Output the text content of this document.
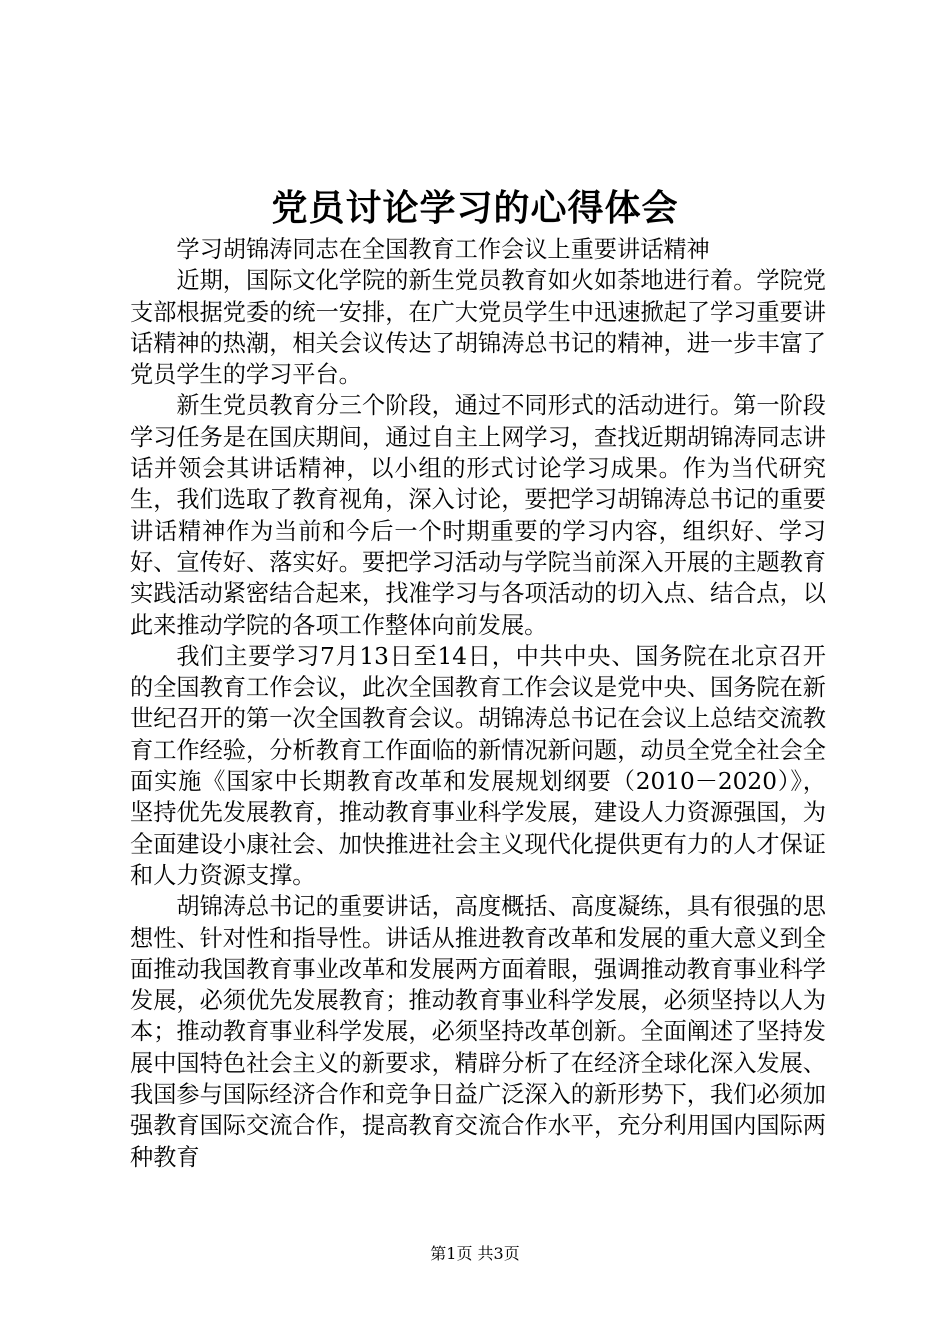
党员讨论学习的心得体会

学习胡锦涛同志在全国教育工作会议上重要讲话精神

近期，国际文化学院的新生党员教育如火如荼地进行着。学院党支部根据党委的统一安排，在广大党员学生中迅速掀起了学习重要讲话精神的热潮，相关会议传达了胡锦涛总书记的精神，进一步丰富了党员学生的学习平台。

新生党员教育分三个阶段，通过不同形式的活动进行。第一阶段学习任务是在国庆期间，通过自主上网学习，查找近期胡锦涛同志讲话并领会其讲话精神，以小组的形式讨论学习成果。作为当代研究生，我们选取了教育视角，深入讨论，要把学习胡锦涛总书记的重要讲话精神作为当前和今后一个时期重要的学习内容，组织好、学习好、宣传好、落实好。要把学习活动与学院当前深入开展的主题教育实践活动紧密结合起来，找准学习与各项活动的切入点、结合点，以此来推动学院的各项工作整体向前发展。

我们主要学习7月13日至14日，中共中央、国务院在北京召开的全国教育工作会议，此次全国教育工作会议是党中央、国务院在新世纪召开的第一次全国教育会议。胡锦涛总书记在会议上总结交流教育工作经验，分析教育工作面临的新情况新问题，动员全党全社会全面实施《国家中长期教育改革和发展规划纲要（2010－2020）》，坚持优先发展教育，推动教育事业科学发展，建设人力资源强国，为全面建设小康社会、加快推进社会主义现代化提供更有力的人才保证和人力资源支撑。

胡锦涛总书记的重要讲话，高度概括、高度凝练，具有很强的思想性、针对性和指导性。讲话从推进教育改革和发展的重大意义到全面推动我国教育事业改革和发展两方面着眼，强调推动教育事业科学发展，必须优先发展教育；推动教育事业科学发展，必须坚持以人为本；推动教育事业科学发展，必须坚持改革创新。全面阐述了坚持发展中国特色社会主义的新要求，精辟分析了在经济全球化深入发展、我国参与国际经济合作和竞争日益广泛深入的新形势下，我们必须加强教育国际交流合作，提高教育交流合作水平，充分利用国内国际两种教育

第1页 共3页
